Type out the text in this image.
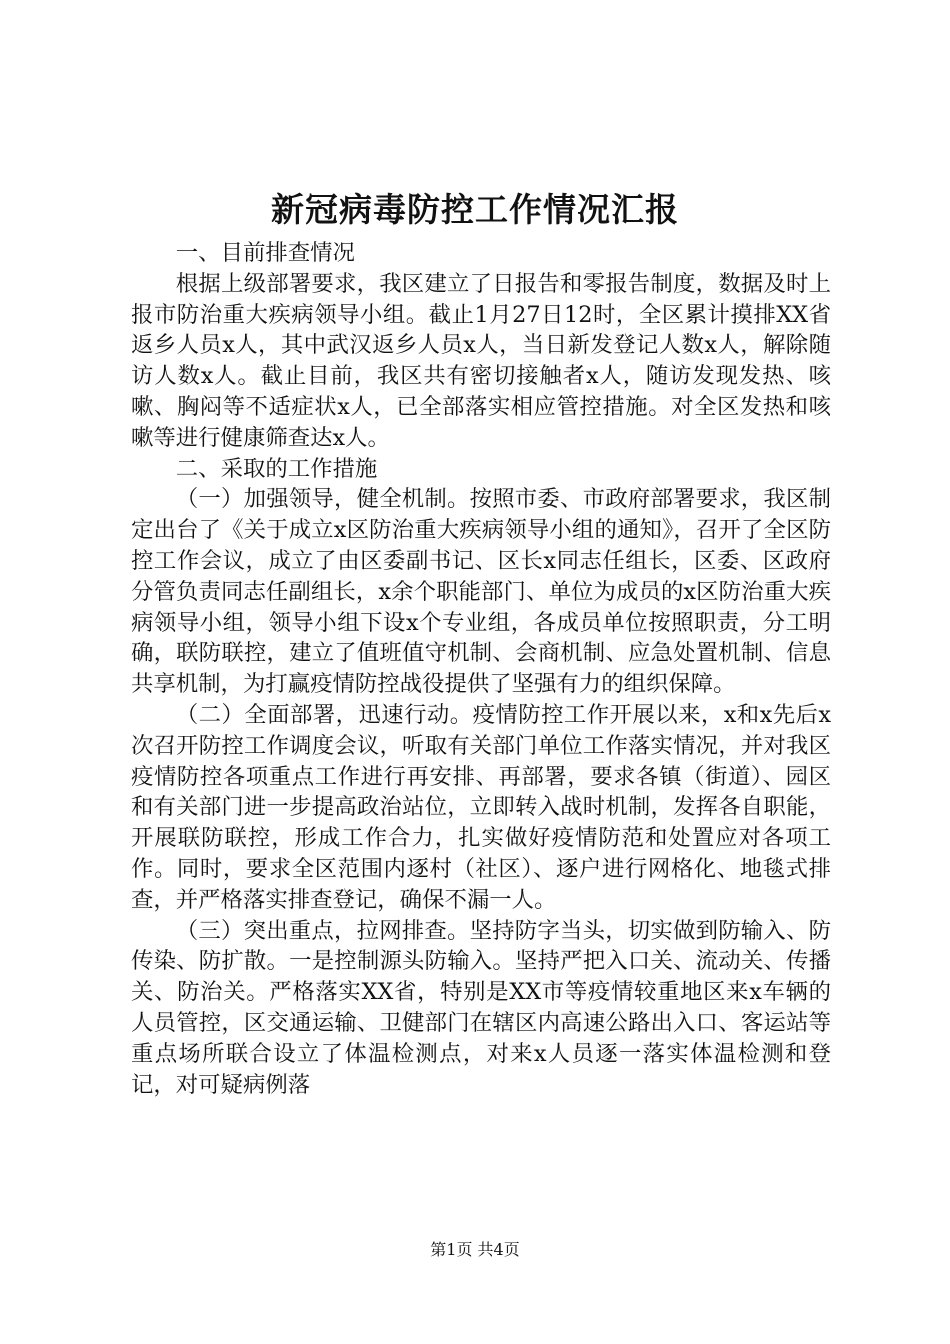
新冠病毒防控工作情况汇报

一、目前排查情况

根据上级部署要求，我区建立了日报告和零报告制度，数据及时上报市防治重大疾病领导小组。截止1月27日12时，全区累计摸排XX省返乡人员x人，其中武汉返乡人员x人，当日新发登记人数x人，解除随访人数x人。截止目前，我区共有密切接触者x人，随访发现发热、咳嗽、胸闷等不适症状x人，已全部落实相应管控措施。对全区发热和咳嗽等进行健康筛查达x人。

二、采取的工作措施

（一）加强领导，健全机制。按照市委、市政府部署要求，我区制定出台了《关于成立x区防治重大疾病领导小组的通知》，召开了全区防控工作会议，成立了由区委副书记、区长x同志任组长，区委、区政府分管负责同志任副组长，x余个职能部门、单位为成员的x区防治重大疾病领导小组，领导小组下设x个专业组，各成员单位按照职责，分工明确，联防联控，建立了值班值守机制、会商机制、应急处置机制、信息共享机制，为打赢疫情防控战役提供了坚强有力的组织保障。

（二）全面部署，迅速行动。疫情防控工作开展以来，x和x先后x次召开防控工作调度会议，听取有关部门单位工作落实情况，并对我区疫情防控各项重点工作进行再安排、再部署，要求各镇（街道）、园区和有关部门进一步提高政治站位，立即转入战时机制，发挥各自职能，开展联防联控，形成工作合力，扎实做好疫情防范和处置应对各项工作。同时，要求全区范围内逐村（社区）、逐户进行网格化、地毯式排查，并严格落实排查登记，确保不漏一人。

（三）突出重点，拉网排查。坚持防字当头，切实做到防输入、防传染、防扩散。一是控制源头防输入。坚持严把入口关、流动关、传播关、防治关。严格落实XX省，特别是XX市等疫情较重地区来x车辆的人员管控，区交通运输、卫健部门在辖区内高速公路出入口、客运站等重点场所联合设立了体温检测点，对来x人员逐一落实体温检测和登记，对可疑病例落

第1页 共4页
